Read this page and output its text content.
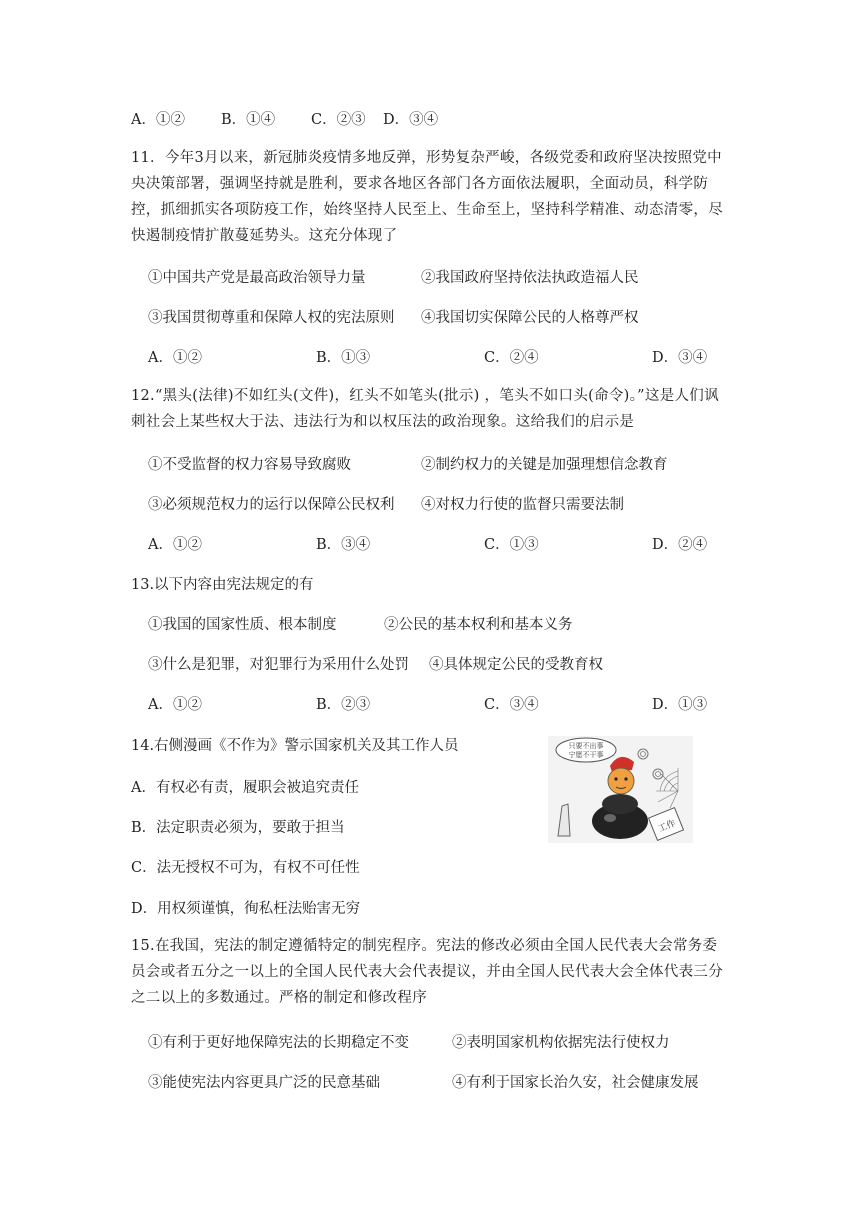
A．①② B．①④ C．②③ D．③④
11．今年3月以来，新冠肺炎疫情多地反弹，形势复杂严峻，各级党委和政府坚决按照党中央决策部署，强调坚持就是胜利，要求各地区各部门各方面依法履职，全面动员，科学防控，抓细抓实各项防疫工作，始终坚持人民至上、生命至上，坚持科学精准、动态清零，尽快遏制疫情扩散蔓延势头。这充分体现了
①中国共产党是最高政治领导力量	②我国政府坚持依法执政造福人民
③我国贯彻尊重和保障人权的宪法原则 ④我国切实保障公民的人格尊严权
A．①②	B．①③	C．②④	D．③④
12.“黑头(法律)不如红头(文件)，红头不如笔头(批示) ，笔头不如口头(命令)。”这是人们讽刺社会上某些权大于法、违法行为和以权压法的政治现象。这给我们的启示是
①不受监督的权力容易导致腐败	②制约权力的关键是加强理想信念教育
③必须规范权力的运行以保障公民权利 ④对权力行使的监督只需要法制
A．①②	B．③④	C．①③	D．②④
13.以下内容由宪法规定的有
①我国的国家性质、根本制度	②公民的基本权利和基本义务
③什么是犯罪，对犯罪行为采用什么处罚 ④具体规定公民的受教育权
A．①②	B．②③	C．③④	D．①③
14.右侧漫画《不作为》警示国家机关及其工作人员
A．有权必有责，履职会被追究责任
B．法定职责必须为，要敢于担当
C．法无授权不可为，有权不可任性
D．用权须谨慎，徇私枉法贻害无穷
只要不出事
宁愿不干事
工作
15.在我国，宪法的制定遵循特定的制宪程序。宪法的修改必须由全国人民代表大会常务委员会或者五分之一以上的全国人民代表大会代表提议，并由全国人民代表大会全体代表三分之二以上的多数通过。严格的制定和修改程序
①有利于更好地保障宪法的长期稳定不变	②表明国家机构依据宪法行使权力
③能使宪法内容更具广泛的民意基础	④有利于国家长治久安，社会健康发展
